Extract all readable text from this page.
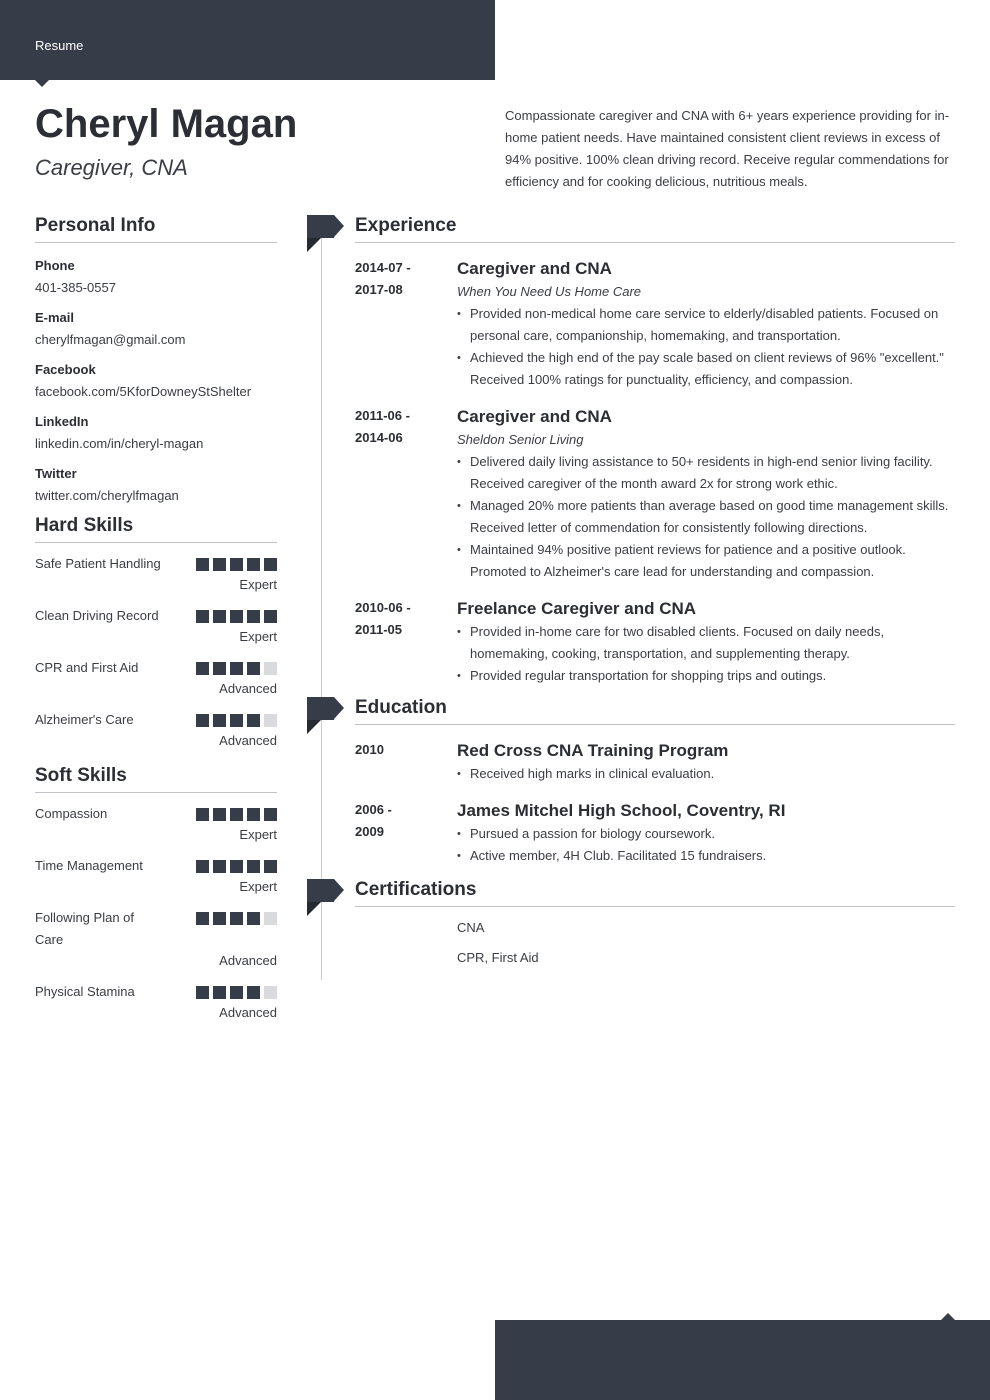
Resume
Cheryl Magan
Caregiver, CNA

Compassionate caregiver and CNA with 6+ years experience providing for in-home patient needs. Have maintained consistent client reviews in excess of 94% positive. 100% clean driving record. Receive regular commendations for efficiency and for cooking delicious, nutritious meals.

Personal Info
Phone
401-385-0557
E-mail
cherylfmagan@gmail.com
Facebook
facebook.com/5KforDowneyStShelter
LinkedIn
linkedin.com/in/cheryl-magan
Twitter
twitter.com/cherylfmagan
Hard Skills
Safe Patient Handling
Expert
Clean Driving Record
Expert
CPR and First Aid
Advanced
Alzheimer's Care
Advanced
Soft Skills
Compassion
Expert
Time Management
Expert
Following Plan of Care
Advanced
Physical Stamina
Advanced
Experience
2014-07 -
2017-08
Caregiver and CNA
When You Need Us Home Care
• Provided non-medical home care service to elderly/disabled patients. Focused on personal care, companionship, homemaking, and transportation.
• Achieved the high end of the pay scale based on client reviews of 96% "excellent." Received 100% ratings for punctuality, efficiency, and compassion.
2011-06 -
2014-06
Caregiver and CNA
Sheldon Senior Living
• Delivered daily living assistance to 50+ residents in high-end senior living facility. Received caregiver of the month award 2x for strong work ethic.
• Managed 20% more patients than average based on good time management skills. Received letter of commendation for consistently following directions.
• Maintained 94% positive patient reviews for patience and a positive outlook. Promoted to Alzheimer's care lead for understanding and compassion.
2010-06 -
2011-05
Freelance Caregiver and CNA
• Provided in-home care for two disabled clients. Focused on daily needs, homemaking, cooking, transportation, and supplementing therapy.
• Provided regular transportation for shopping trips and outings.
Education
2010	Red Cross CNA Training Program
• Received high marks in clinical evaluation.
2006 -
2009
James Mitchel High School, Coventry, RI
• Pursued a passion for biology coursework.
• Active member, 4H Club. Facilitated 15 fundraisers.
Certifications
CNA
CPR, First Aid
